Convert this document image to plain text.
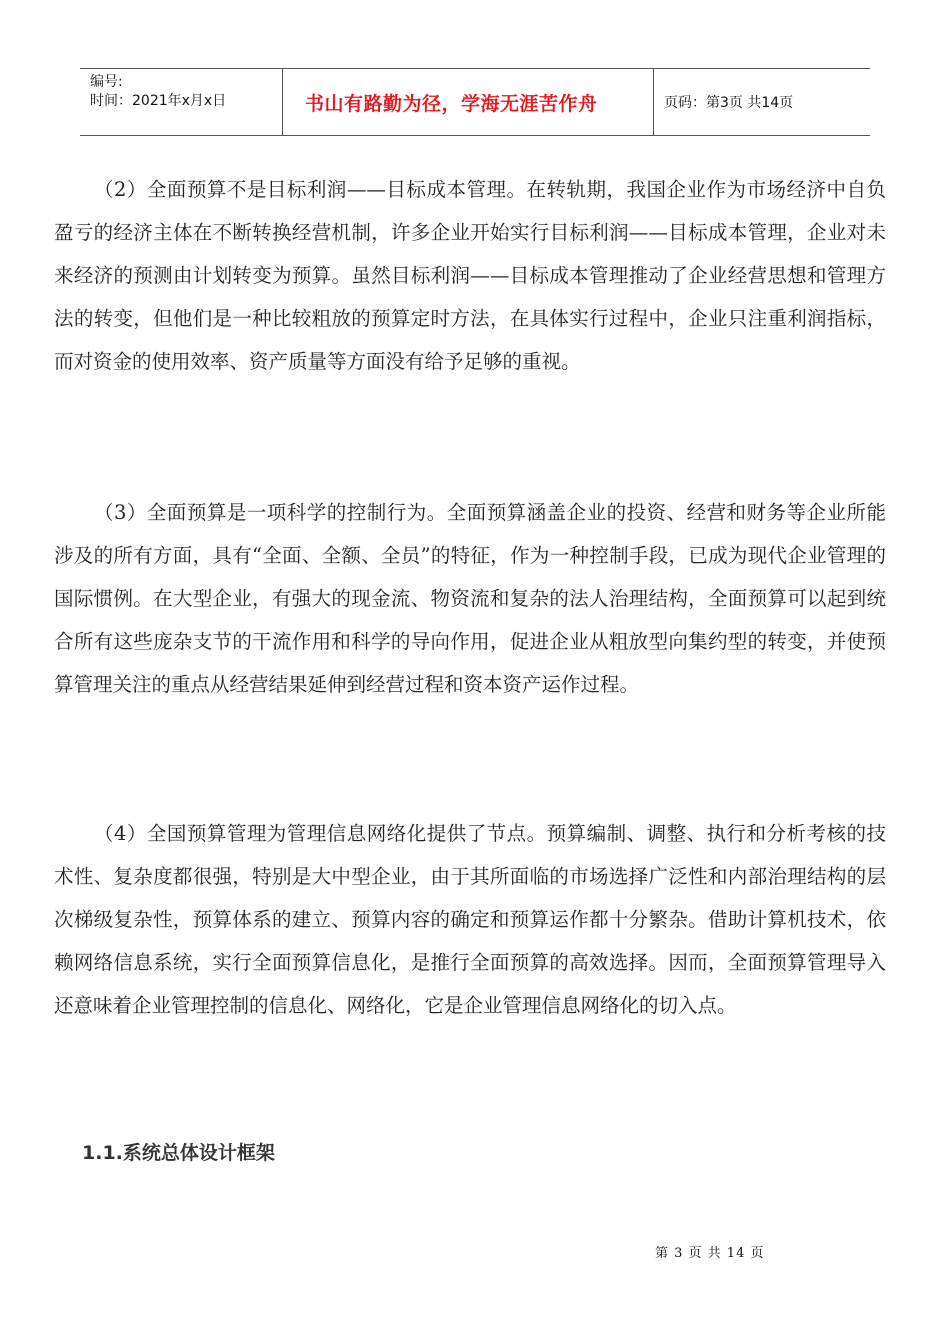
编号:
时间：2021年x月x日	书山有路勤为径，学海无涯苦作舟	页码：第3页 共14页

（2）全面预算不是目标利润——目标成本管理。在转轨期，我国企业作为市场经济中自负盈亏的经济主体在不断转换经营机制，许多企业开始实行目标利润——目标成本管理，企业对未来经济的预测由计划转变为预算。虽然目标利润——目标成本管理推动了企业经营思想和管理方法的转变，但他们是一种比较粗放的预算定时方法，在具体实行过程中，企业只注重利润指标，而对资金的使用效率、资产质量等方面没有给予足够的重视。

（3）全面预算是一项科学的控制行为。全面预算涵盖企业的投资、经营和财务等企业所能涉及的所有方面，具有“全面、全额、全员”的特征，作为一种控制手段，已成为现代企业管理的国际惯例。在大型企业，有强大的现金流、物资流和复杂的法人治理结构，全面预算可以起到统合所有这些庞杂支节的干流作用和科学的导向作用，促进企业从粗放型向集约型的转变，并使预算管理关注的重点从经营结果延伸到经营过程和资本资产运作过程。

（4）全国预算管理为管理信息网络化提供了节点。预算编制、调整、执行和分析考核的技术性、复杂度都很强，特别是大中型企业，由于其所面临的市场选择广泛性和内部治理结构的层次梯级复杂性，预算体系的建立、预算内容的确定和预算运作都十分繁杂。借助计算机技术，依赖网络信息系统，实行全面预算信息化，是推行全面预算的高效选择。因而，全面预算管理导入还意味着企业管理控制的信息化、网络化，它是企业管理信息网络化的切入点。

1.1.系统总体设计框架
第 3 页 共 14 页
